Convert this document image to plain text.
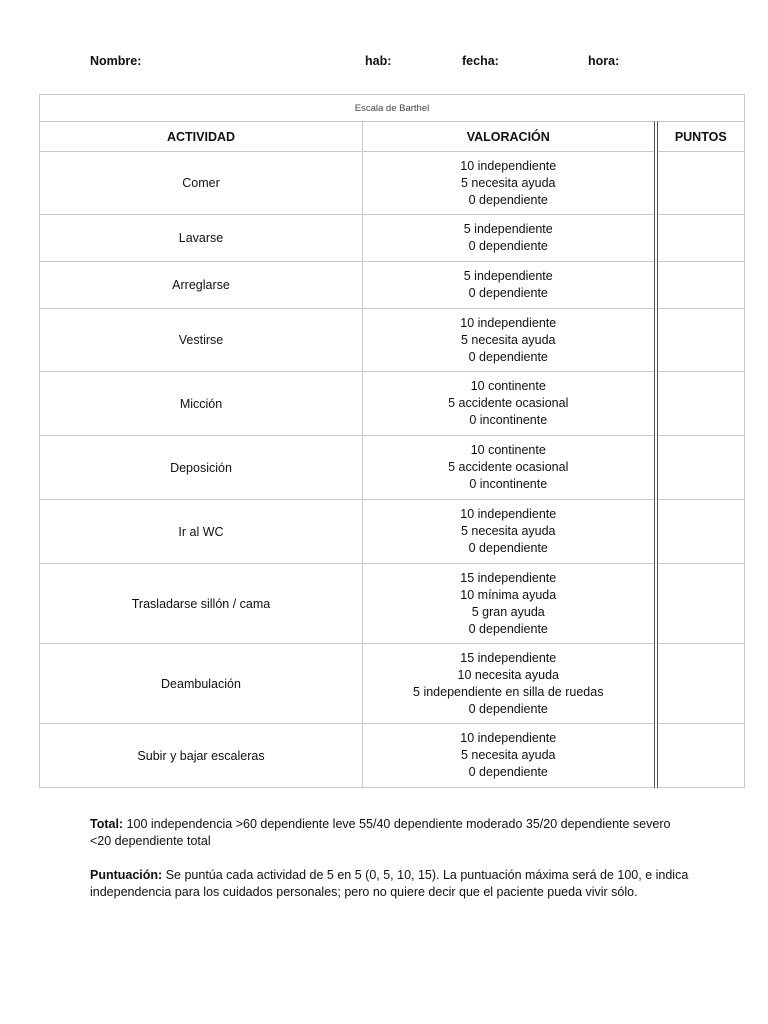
Nombre:	hab:	fecha:	hora:
Escala de Barthel		
ACTIVIDAD	VALORACIÓN	PUNTOS
Comer	10 independiente
5 necesita ayuda
0 dependiente	

Lavarse	5 independiente
0 dependiente	

Arreglarse	5 independiente
0 dependiente	

Vestirse	10 independiente
5 necesita ayuda
0 dependiente	

Micción	10 continente
5 accidente ocasional
0 incontinente	

Deposición	10 continente
5 accidente ocasional
0 incontinente	

Ir al WC	10 independiente
5 necesita ayuda
0 dependiente	

Trasladarse sillón / cama	15 independiente
10 mínima ayuda
5 gran ayuda
0 dependiente	

Deambulación	15 independiente
10 necesita ayuda
5 independiente en silla de ruedas
0 dependiente	

Subir y bajar escaleras	10 independiente
5 necesita ayuda
0 dependiente	

Total: 100 independencia >60 dependiente leve 55/40 dependiente moderado 35/20 dependiente severo <20 dependiente total
Puntuación: Se puntúa cada actividad de 5 en 5 (0, 5, 10, 15). La puntuación máxima será de 100, e indica independencia para los cuidados personales; pero no quiere decir que el paciente pueda vivir sólo.
